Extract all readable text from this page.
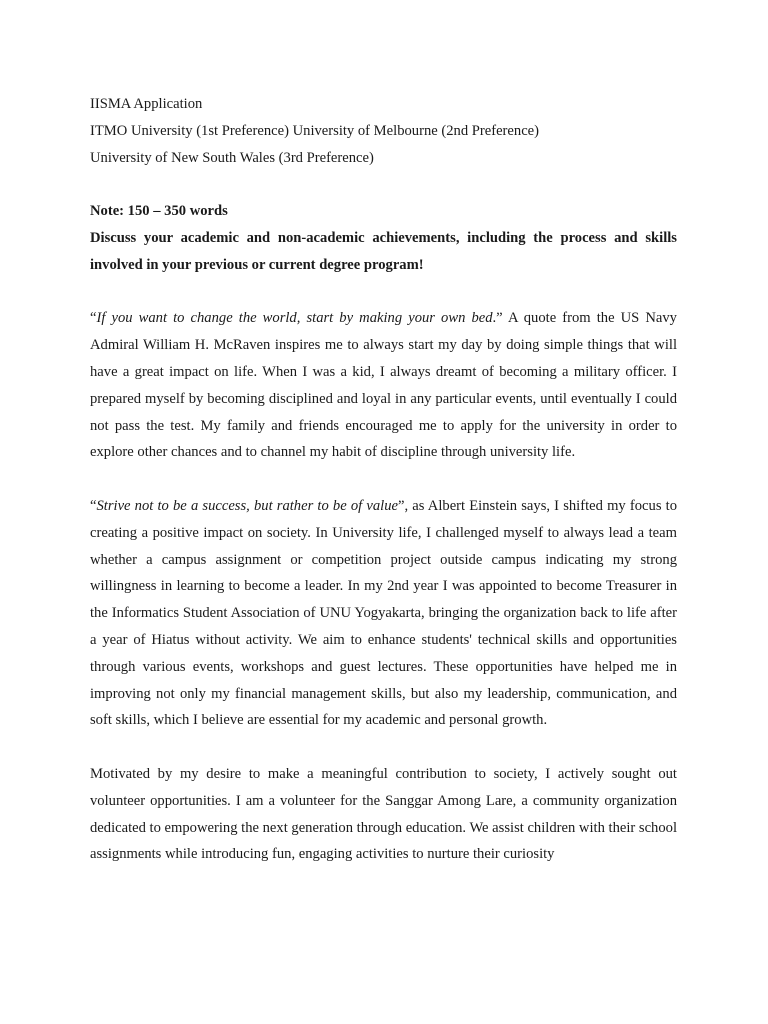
IISMA Application
ITMO University (1st Preference) University of Melbourne (2nd Preference)
University of New South Wales (3rd Preference)
Note: 150 – 350 words

Discuss your academic and non-academic achievements, including the process and skills involved in your previous or current degree program!

“If you want to change the world, start by making your own bed.” A quote from the US Navy Admiral William H. McRaven inspires me to always start my day by doing simple things that will have a great impact on life. When I was a kid, I always dreamt of becoming a military officer. I prepared myself by becoming disciplined and loyal in any particular events, until eventually I could not pass the test. My family and friends encouraged me to apply for the university in order to explore other chances and to channel my habit of discipline through university life.

“Strive not to be a success, but rather to be of value”, as Albert Einstein says, I shifted my focus to creating a positive impact on society. In University life, I challenged myself to always lead a team whether a campus assignment or competition project outside campus indicating my strong willingness in learning to become a leader. In my 2nd year I was appointed to become Treasurer in the Informatics Student Association of UNU Yogyakarta, bringing the organization back to life after a year of Hiatus without activity. We aim to enhance students' technical skills and opportunities through various events, workshops and guest lectures. These opportunities have helped me in improving not only my financial management skills, but also my leadership, communication, and soft skills, which I believe are essential for my academic and personal growth.

Motivated by my desire to make a meaningful contribution to society, I actively sought out volunteer opportunities. I am a volunteer for the Sanggar Among Lare, a community organization dedicated to empowering the next generation through education. We assist children with their school assignments while introducing fun, engaging activities to nurture their curiosity
